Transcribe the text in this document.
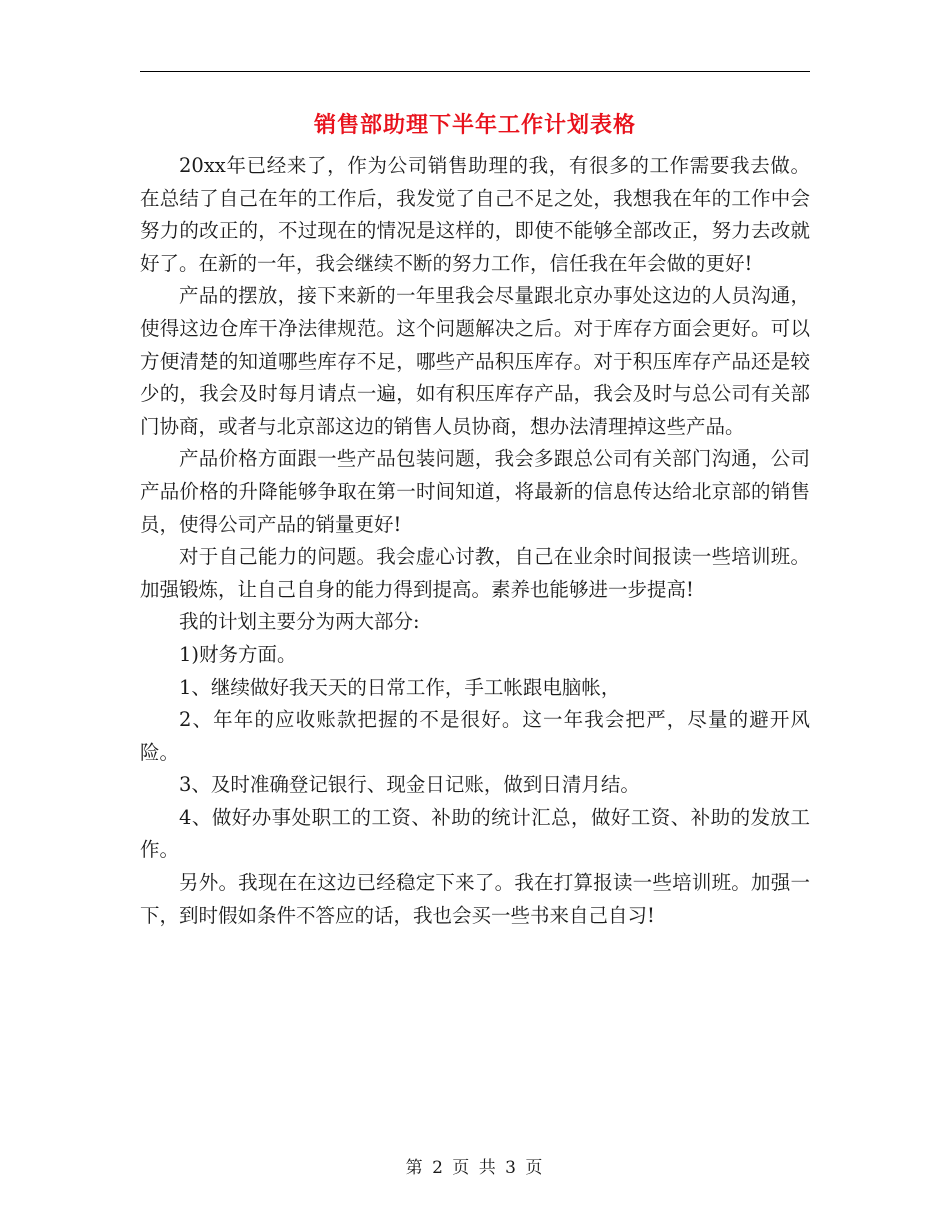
销售部助理下半年工作计划表格

20xx年已经来了，作为公司销售助理的我，有很多的工作需要我去做。在总结了自己在年的工作后，我发觉了自己不足之处，我想我在年的工作中会努力的改正的，不过现在的情况是这样的，即使不能够全部改正，努力去改就好了。在新的一年，我会继续不断的努力工作，信任我在年会做的更好!

产品的摆放，接下来新的一年里我会尽量跟北京办事处这边的人员沟通，使得这边仓库干净法律规范。这个问题解决之后。对于库存方面会更好。可以方便清楚的知道哪些库存不足，哪些产品积压库存。对于积压库存产品还是较少的，我会及时每月请点一遍，如有积压库存产品，我会及时与总公司有关部门协商，或者与北京部这边的销售人员协商，想办法清理掉这些产品。

产品价格方面跟一些产品包装问题，我会多跟总公司有关部门沟通，公司产品价格的升降能够争取在第一时间知道，将最新的信息传达给北京部的销售员，使得公司产品的销量更好!

对于自己能力的问题。我会虚心讨教，自己在业余时间报读一些培训班。加强锻炼，让自己自身的能力得到提高。素养也能够进一步提高!

我的计划主要分为两大部分:

1)财务方面。

1、继续做好我天天的日常工作，手工帐跟电脑帐，

2、年年的应收账款把握的不是很好。这一年我会把严，尽量的避开风险。

3、及时准确登记银行、现金日记账，做到日清月结。

4、做好办事处职工的工资、补助的统计汇总，做好工资、补助的发放工作。

另外。我现在在这边已经稳定下来了。我在打算报读一些培训班。加强一下，到时假如条件不答应的话，我也会买一些书来自己自习!

第 2 页 共 3 页
